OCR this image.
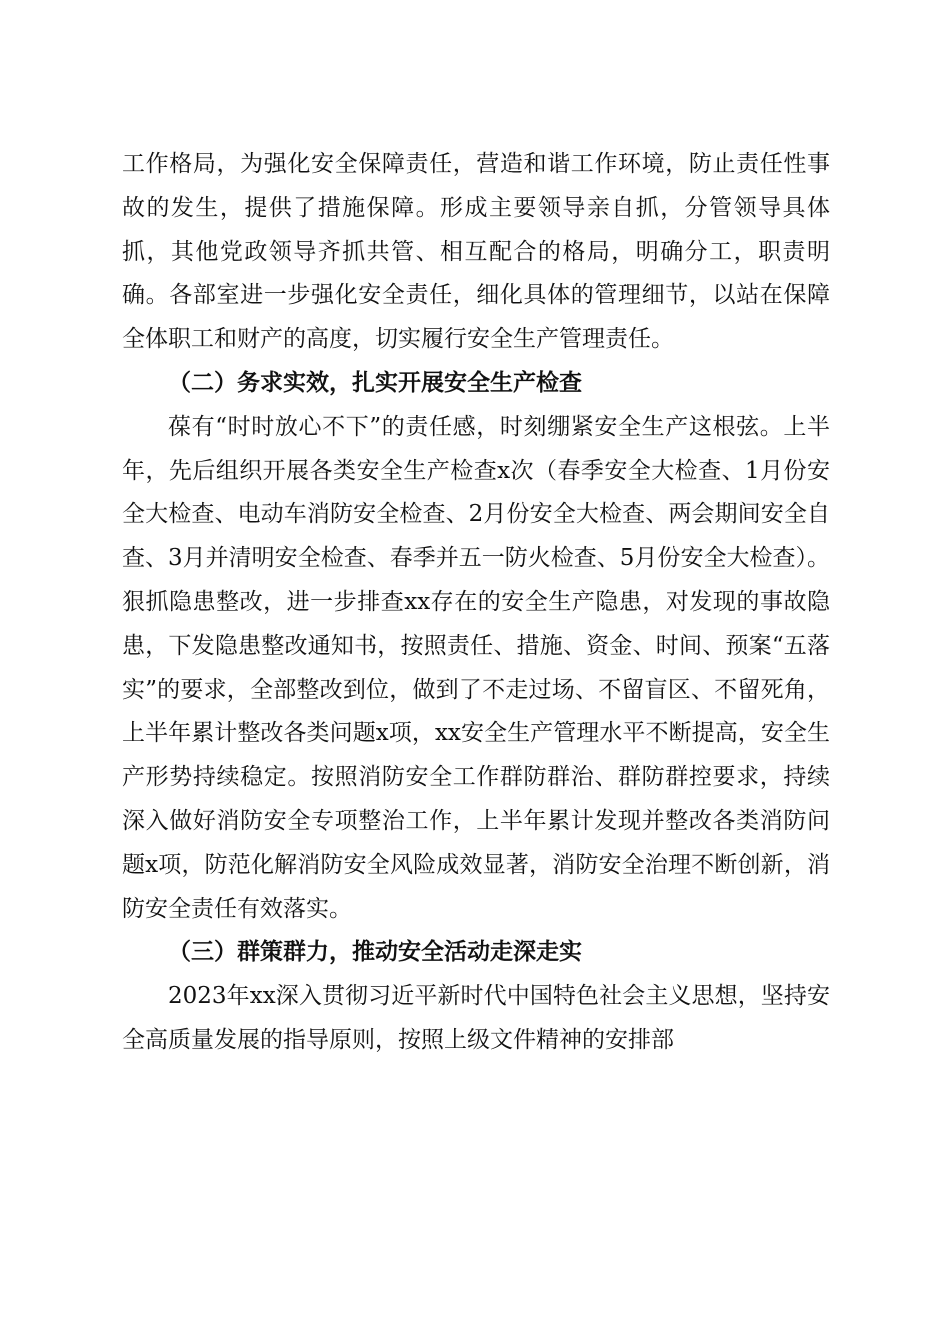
工作格局，为强化安全保障责任，营造和谐工作环境，防止责任性事故的发生，提供了措施保障。形成主要领导亲自抓，分管领导具体抓，其他党政领导齐抓共管、相互配合的格局，明确分工，职责明确。各部室进一步强化安全责任，细化具体的管理细节，以站在保障全体职工和财产的高度，切实履行安全生产管理责任。

（二）务求实效，扎实开展安全生产检查

葆有“时时放心不下”的责任感，时刻绷紧安全生产这根弦。上半年，先后组织开展各类安全生产检查x次（春季安全大检查、1月份安全大检查、电动车消防安全检查、2月份安全大检查、两会期间安全自查、3月并清明安全检查、春季并五一防火检查、5月份安全大检查）。狠抓隐患整改，进一步排查xx存在的安全生产隐患，对发现的事故隐患，下发隐患整改通知书，按照责任、措施、资金、时间、预案“五落实”的要求，全部整改到位，做到了不走过场、不留盲区、不留死角，上半年累计整改各类问题x项，xx安全生产管理水平不断提高，安全生产形势持续稳定。按照消防安全工作群防群治、群防群控要求，持续深入做好消防安全专项整治工作，上半年累计发现并整改各类消防问题x项，防范化解消防安全风险成效显著，消防安全治理不断创新，消防安全责任有效落实。

（三）群策群力，推动安全活动走深走实

2023年xx深入贯彻习近平新时代中国特色社会主义思想，坚持安全高质量发展的指导原则，按照上级文件精神的安排部
